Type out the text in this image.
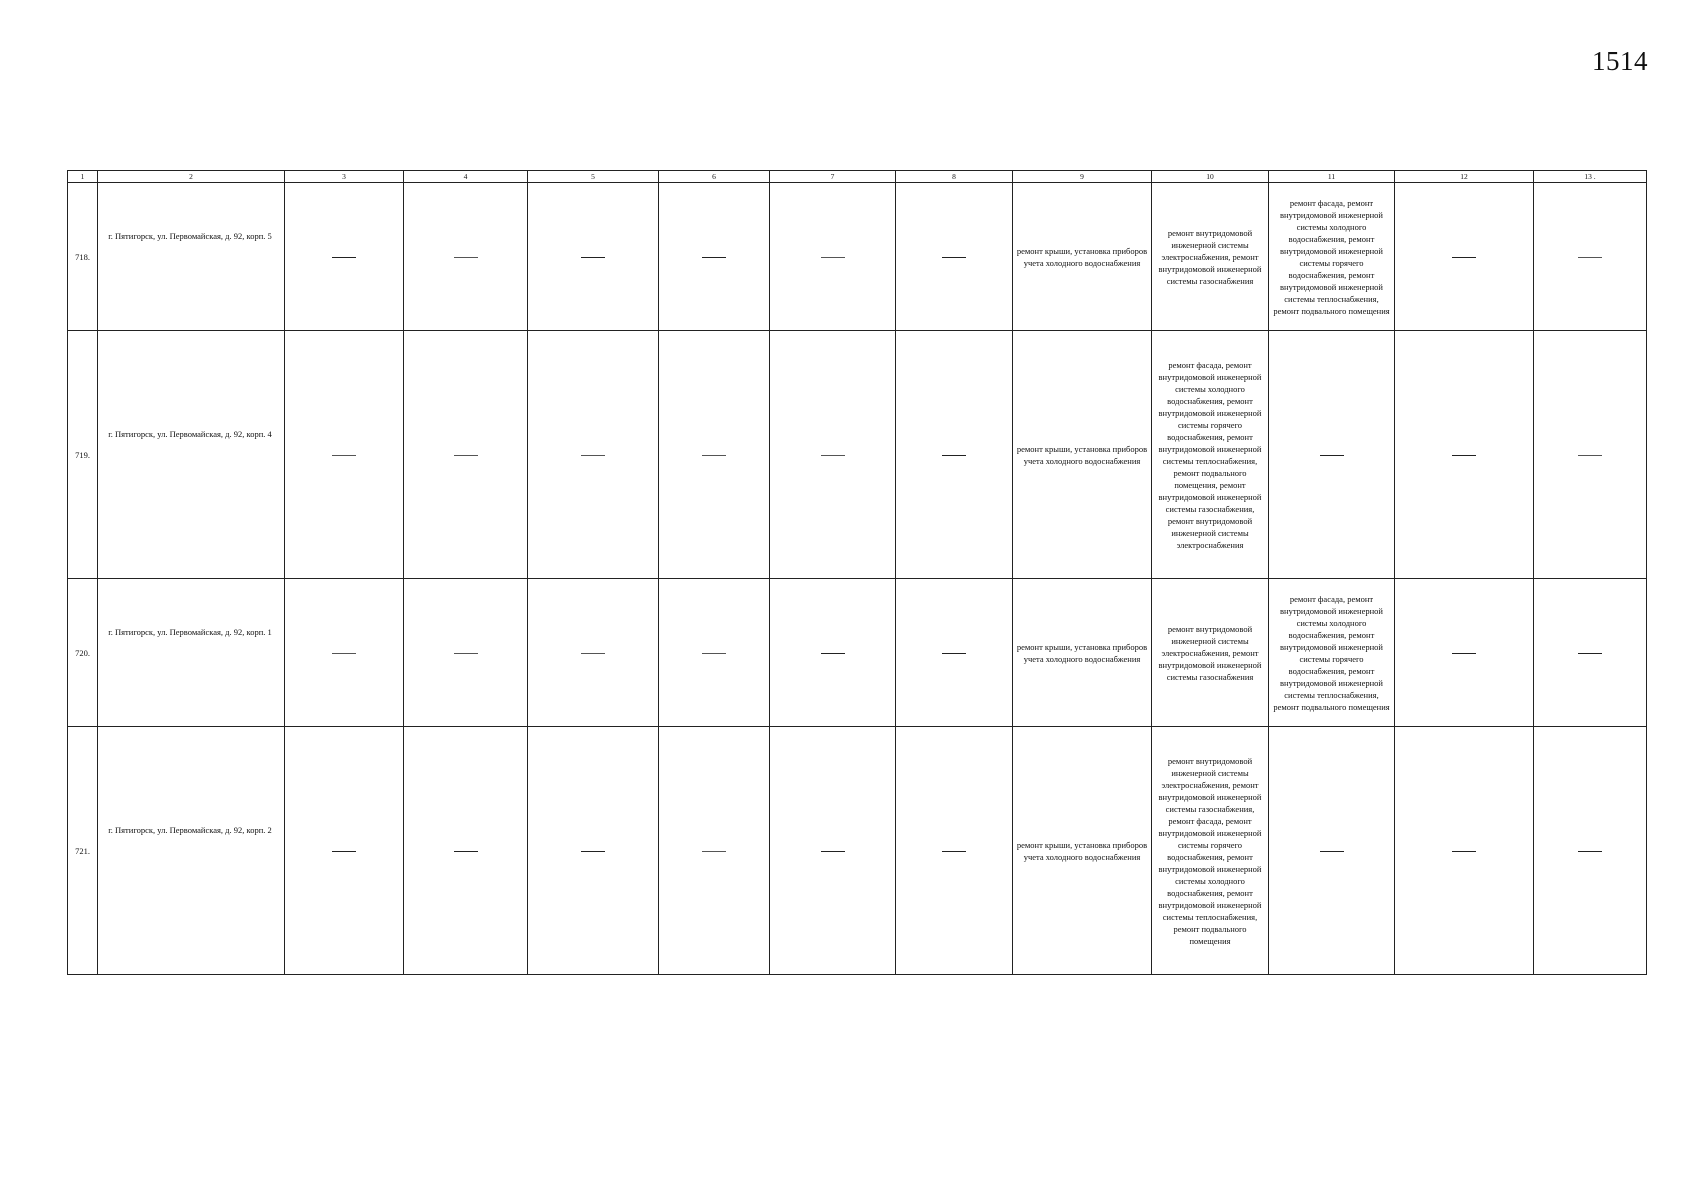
1514
1	2	3	4	5	6	7	8	9	10	11	12	13 .
718.	г. Пятигорск, ул. Первомайская, д. 92, корп. 5							ремонт крыши, установка приборов учета холодного водоснабжения	ремонт внутридомовой инженерной системы электроснабжения, ремонт внутридомовой инженерной системы газоснабжения	ремонт фасада, ремонт внутридомовой инженерной системы холодного водоснабжения, ремонт внутридомовой инженерной системы горячего водоснабжения, ремонт внутридомовой инженерной системы теплоснабжения, ремонт подвального помещения		

719.	г. Пятигорск, ул. Первомайская, д. 92, корп. 4							ремонт крыши, установка приборов учета холодного водоснабжения	ремонт фасада, ремонт внутридомовой инженерной системы холодного водоснабжения, ремонт внутридомовой инженерной системы горячего водоснабжения, ремонт внутридомовой инженерной системы теплоснабжения, ремонт подвального помещения, ремонт внутридомовой инженерной системы газоснабжения, ремонт внутридомовой инженерной системы электроснабжения			

720.	г. Пятигорск, ул. Первомайская, д. 92, корп. 1							ремонт крыши, установка приборов учета холодного водоснабжения	ремонт внутридомовой инженерной системы электроснабжения, ремонт внутридомовой инженерной системы газоснабжения	ремонт фасада, ремонт внутридомовой инженерной системы холодного водоснабжения, ремонт внутридомовой инженерной системы горячего водоснабжения, ремонт внутридомовой инженерной системы теплоснабжения, ремонт подвального помещения		

721.	г. Пятигорск, ул. Первомайская, д. 92, корп. 2							ремонт крыши, установка приборов учета холодного водоснабжения	ремонт внутридомовой инженерной системы электроснабжения, ремонт внутридомовой инженерной системы газоснабжения, ремонт фасада, ремонт внутридомовой инженерной системы горячего водоснабжения, ремонт внутридомовой инженерной системы холодного водоснабжения, ремонт внутридомовой инженерной системы теплоснабжения, ремонт подвального помещения			
